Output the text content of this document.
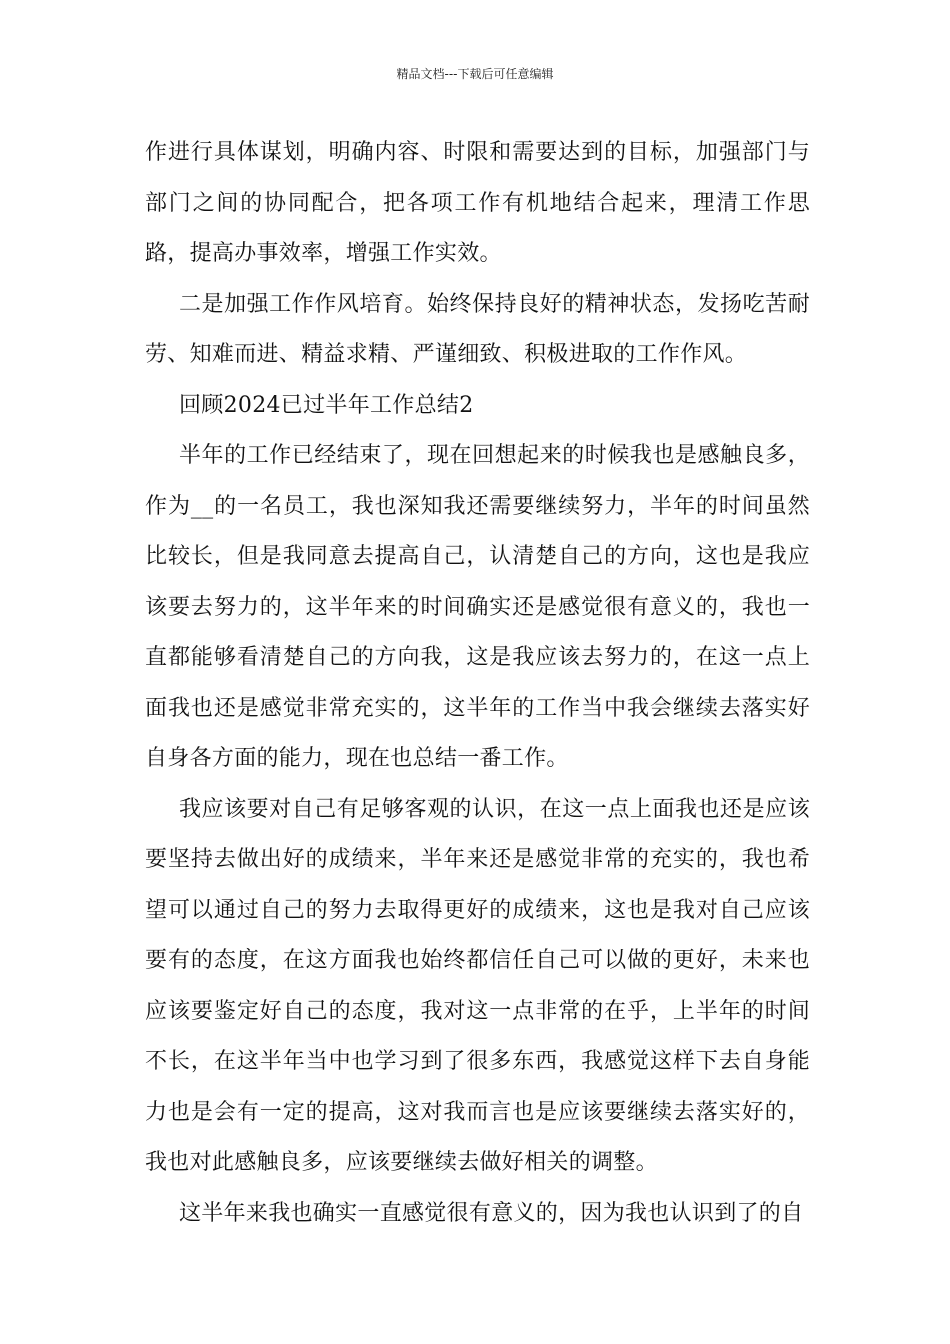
精品文档---下载后可任意编辑

作进行具体谋划，明确内容、时限和需要达到的目标，加强部门与部门之间的协同配合，把各项工作有机地结合起来，理清工作思路，提高办事效率，增强工作实效。

二是加强工作作风培育。始终保持良好的精神状态，发扬吃苦耐劳、知难而进、精益求精、严谨细致、积极进取的工作作风。

回顾2024已过半年工作总结2

半年的工作已经结束了，现在回想起来的时候我也是感触良多，作为__的一名员工，我也深知我还需要继续努力，半年的时间虽然比较长，但是我同意去提高自己，认清楚自己的方向，这也是我应该要去努力的，这半年来的时间确实还是感觉很有意义的，我也一直都能够看清楚自己的方向我，这是我应该去努力的，在这一点上面我也还是感觉非常充实的，这半年的工作当中我会继续去落实好自身各方面的能力，现在也总结一番工作。

我应该要对自己有足够客观的认识，在这一点上面我也还是应该要坚持去做出好的成绩来，半年来还是感觉非常的充实的，我也希望可以通过自己的努力去取得更好的成绩来，这也是我对自己应该要有的态度，在这方面我也始终都信任自己可以做的更好，未来也应该要鉴定好自己的态度，我对这一点非常的在乎，上半年的时间不长，在这半年当中也学习到了很多东西，我感觉这样下去自身能力也是会有一定的提高，这对我而言也是应该要继续去落实好的，我也对此感触良多，应该要继续去做好相关的调整。

这半年来我也确实一直感觉很有意义的，因为我也认识到了的自
